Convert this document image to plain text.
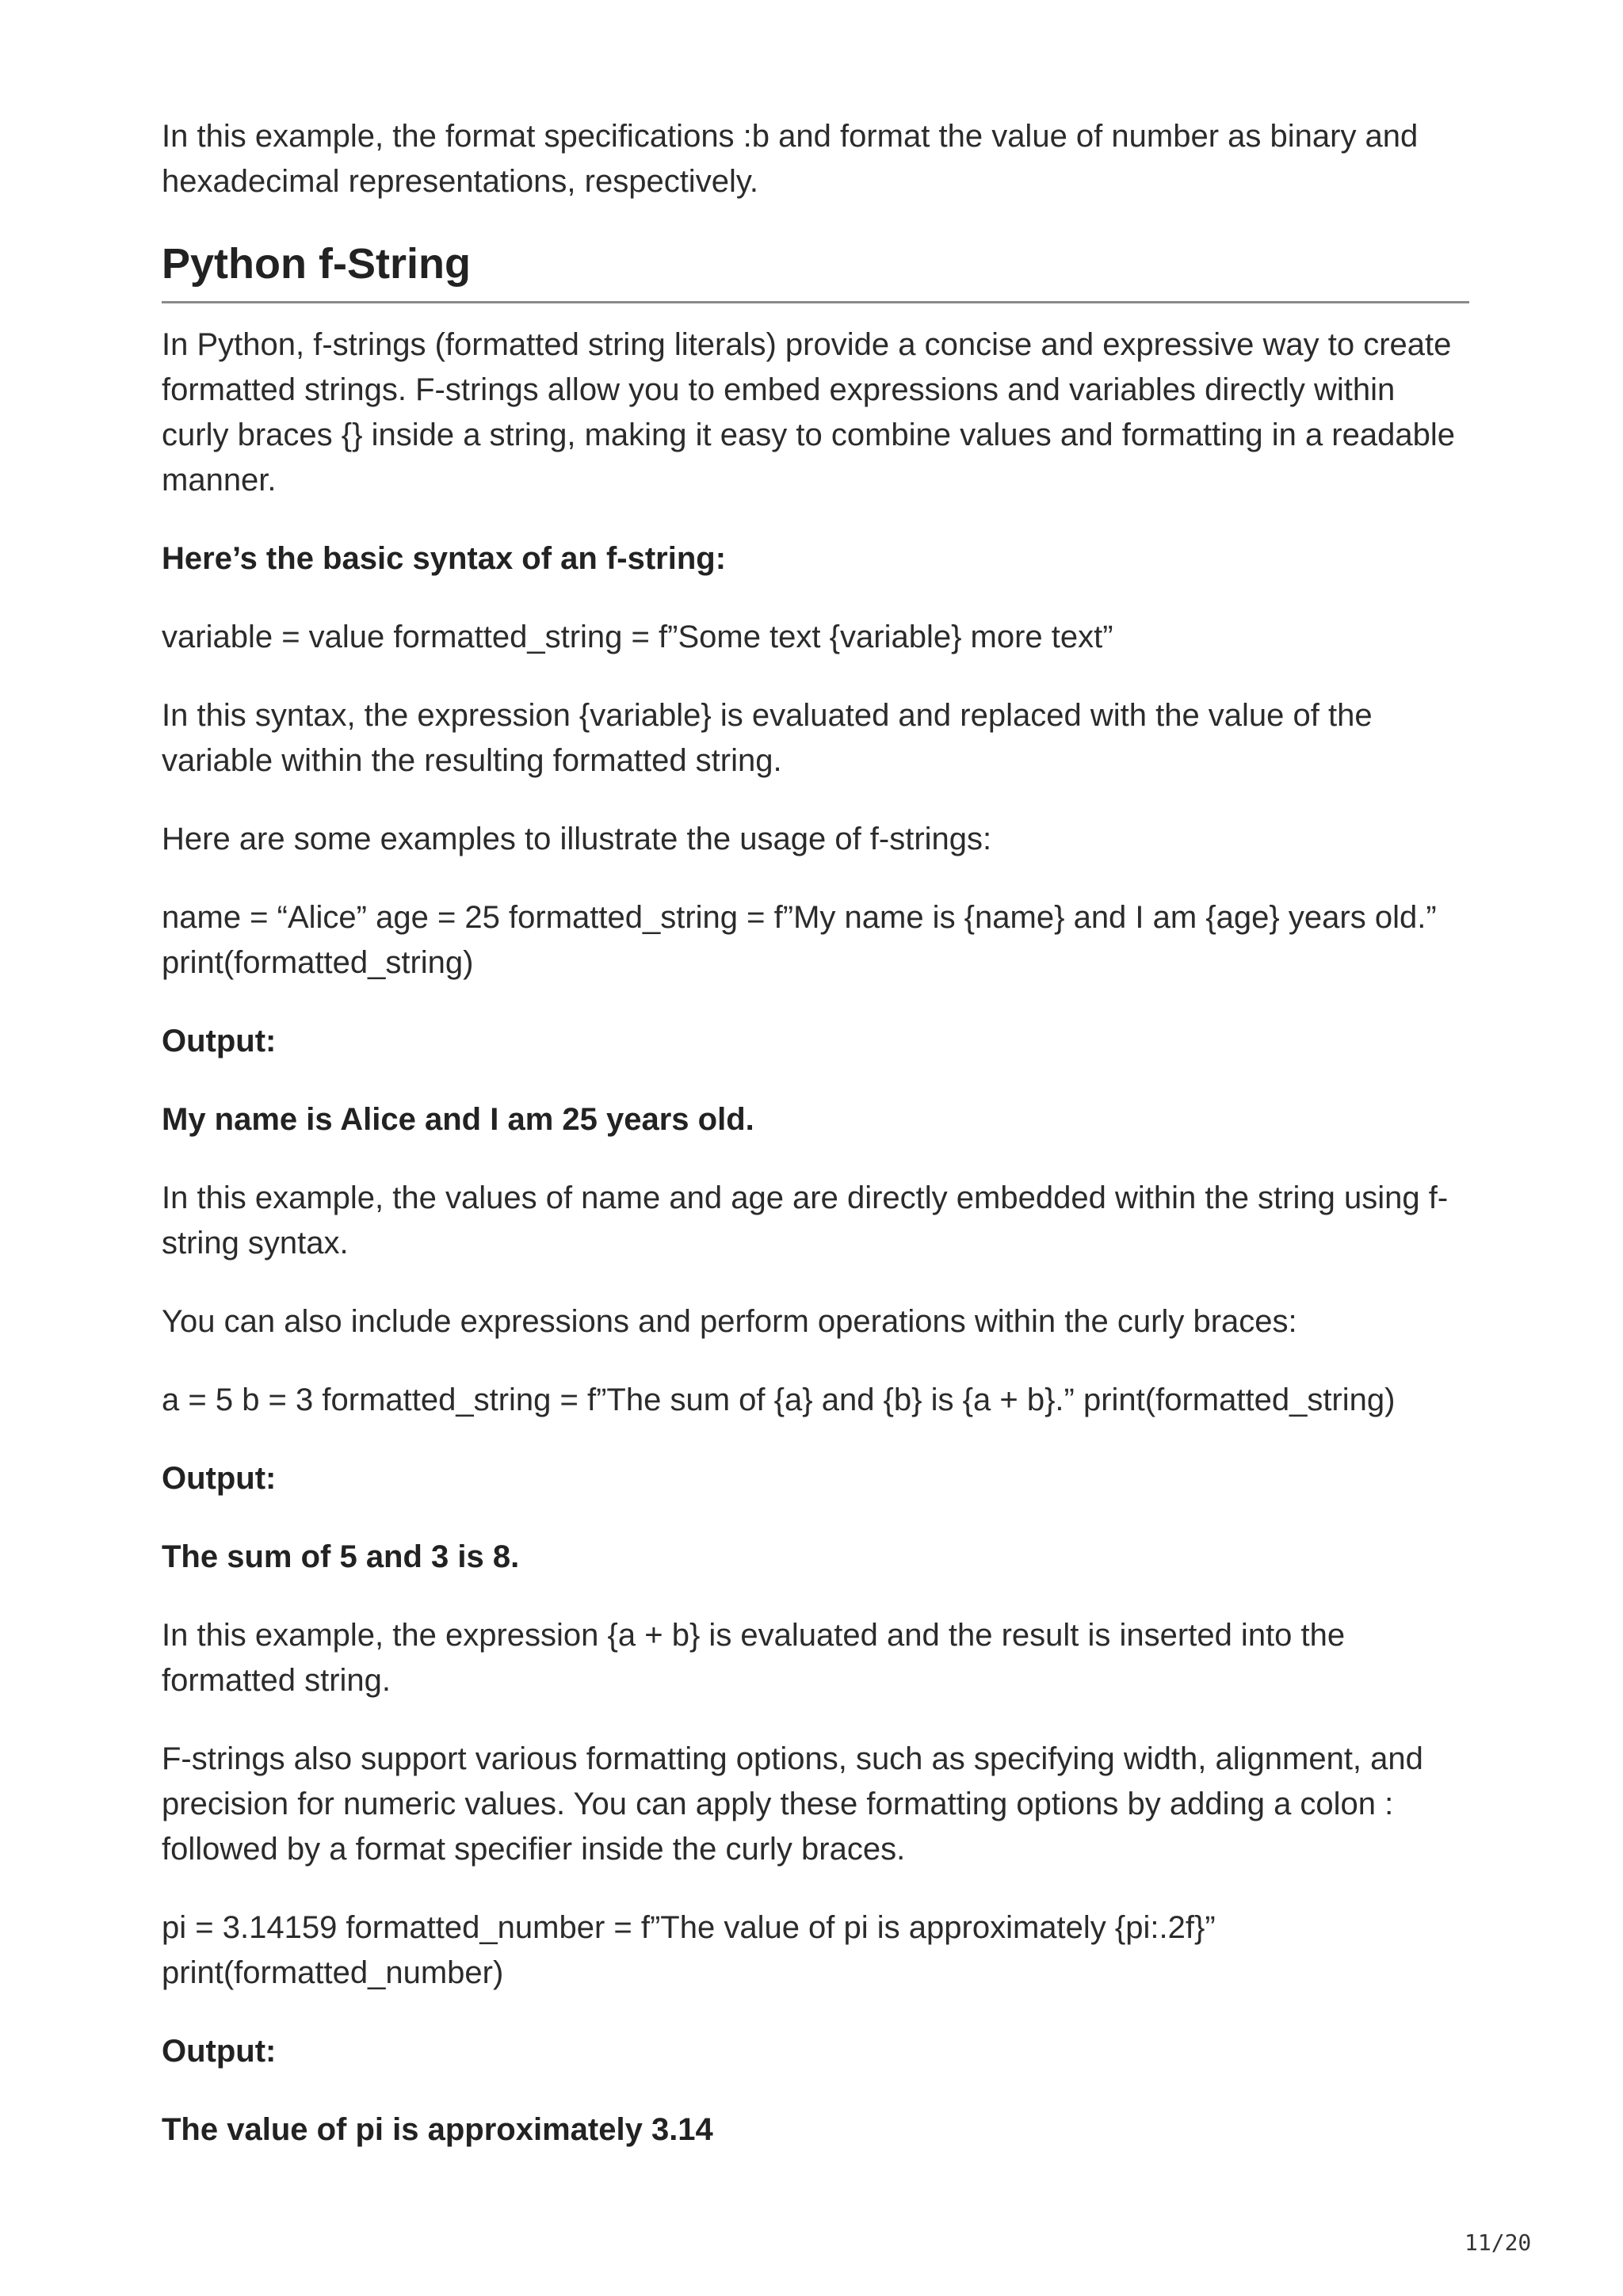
In this example, the format specifications :b and format the value of number as binary and hexadecimal representations, respectively.

Python f-String

In Python, f-strings (formatted string literals) provide a concise and expressive way to create formatted strings. F-strings allow you to embed expressions and variables directly within curly braces {} inside a string, making it easy to combine values and formatting in a readable manner.

Here’s the basic syntax of an f-string:

variable = value formatted_string = f”Some text {variable} more text”

In this syntax, the expression {variable} is evaluated and replaced with the value of the variable within the resulting formatted string.

Here are some examples to illustrate the usage of f-strings:

name = “Alice” age = 25 formatted_string = f”My name is {name} and I am {age} years old.” print(formatted_string)

Output:

My name is Alice and I am 25 years old.

In this example, the values of name and age are directly embedded within the string using f-string syntax.

You can also include expressions and perform operations within the curly braces:

a = 5 b = 3 formatted_string = f”The sum of {a} and {b} is {a + b}.” print(formatted_string)

Output:

The sum of 5 and 3 is 8.

In this example, the expression {a + b} is evaluated and the result is inserted into the formatted string.

F-strings also support various formatting options, such as specifying width, alignment, and precision for numeric values. You can apply these formatting options by adding a colon : followed by a format specifier inside the curly braces.

pi = 3.14159 formatted_number = f”The value of pi is approximately {pi:.2f}” print(formatted_number)

Output:

The value of pi is approximately 3.14

11/20
